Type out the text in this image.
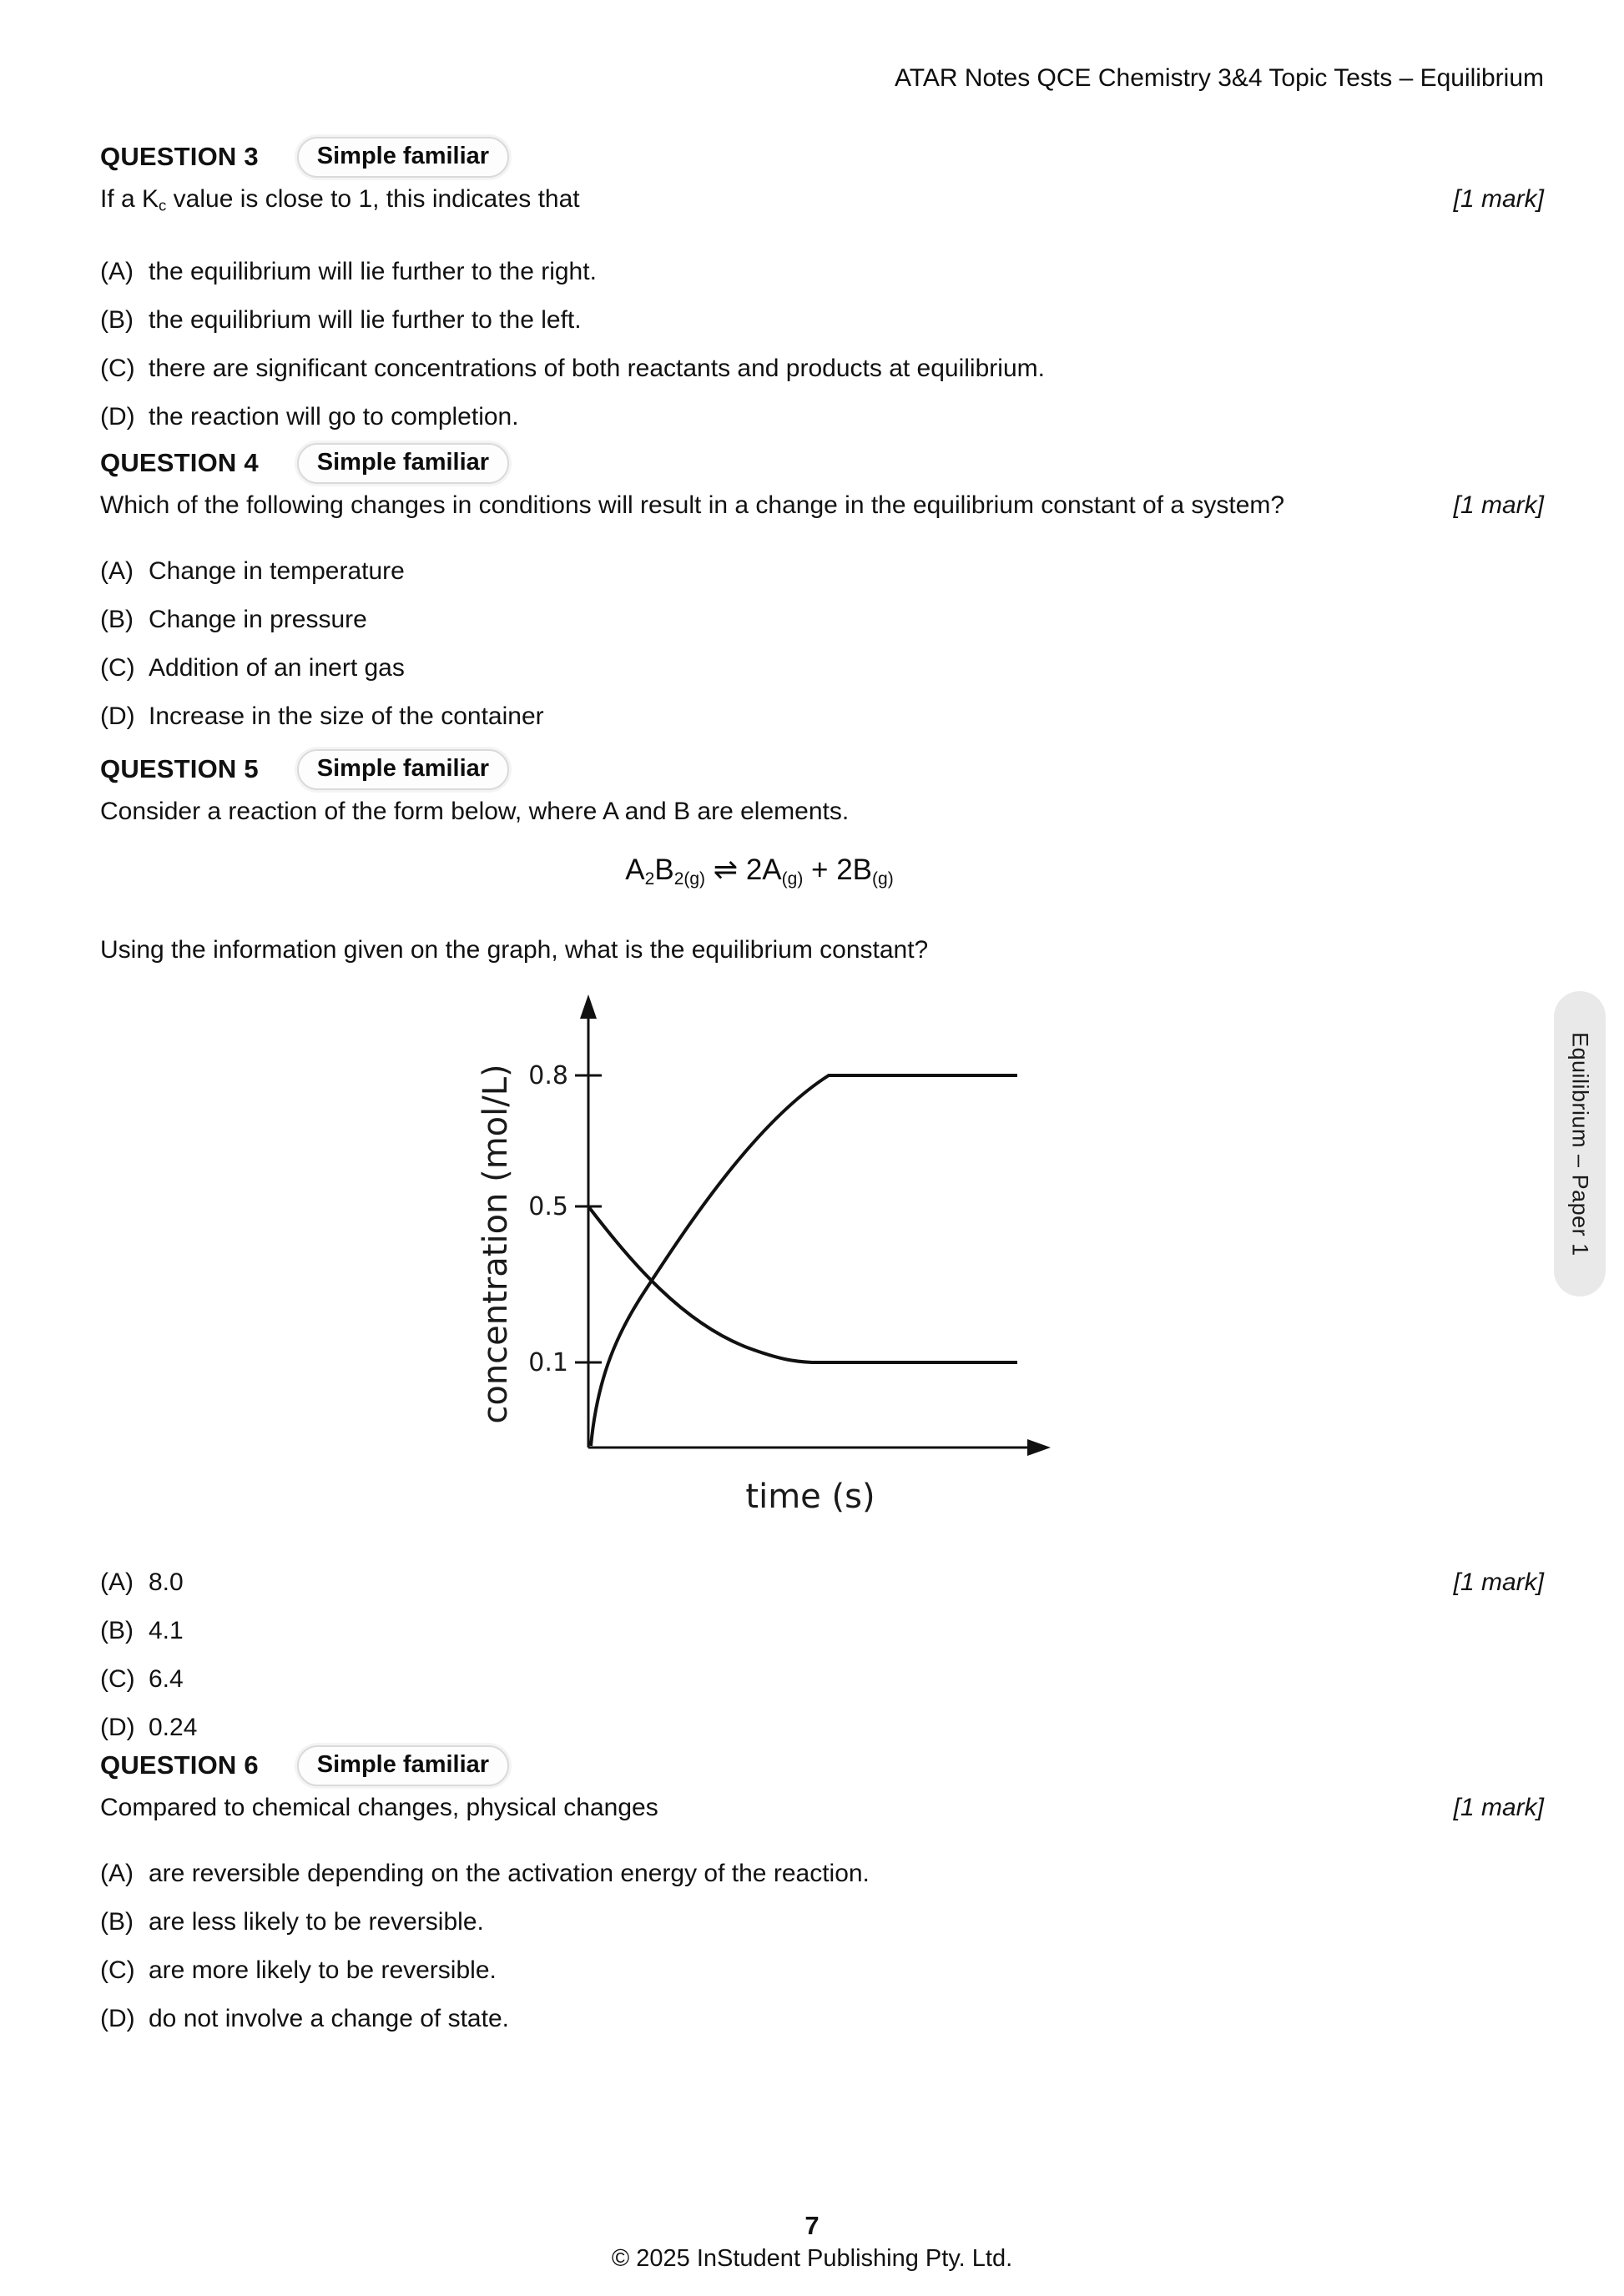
ATAR Notes QCE Chemistry 3&4 Topic Tests – Equilibrium
QUESTION 3	Simple familiar
If a $K_c$ value is close to 1, this indicates that	[1 mark]
(A) the equilibrium will lie further to the right.
(B) the equilibrium will lie further to the left.
(C) there are significant concentrations of both reactants and products at equilibrium.
(D) the reaction will go to completion.
QUESTION 4	Simple familiar
Which of the following changes in conditions will result in a change in the equilibrium constant of a system?	[1 mark]
(A) Change in temperature
(B) Change in pressure
(C) Addition of an inert gas
(D) Increase in the size of the container
QUESTION 5	Simple familiar
Consider a reaction of the form below, where A and B are elements.
$A_2B_{2(g)}$ ⇌ $2A_{(g)} + 2B_{(g)}$
Using the information given on the graph, what is the equilibrium constant?
0.8
0.5
0.1
time (s)
concentration (mol/L)
(A) 8.0	[1 mark]
(B) 4.1
(C) 6.4
(D) 0.24
QUESTION 6	Simple familiar
Compared to chemical changes, physical changes	[1 mark]
(A) are reversible depending on the activation energy of the reaction.
(B) are less likely to be reversible.
(C) are more likely to be reversible.
(D) do not involve a change of state.
Equilibrium – Paper 1
7
© 2025 InStudent Publishing Pty. Ltd.
